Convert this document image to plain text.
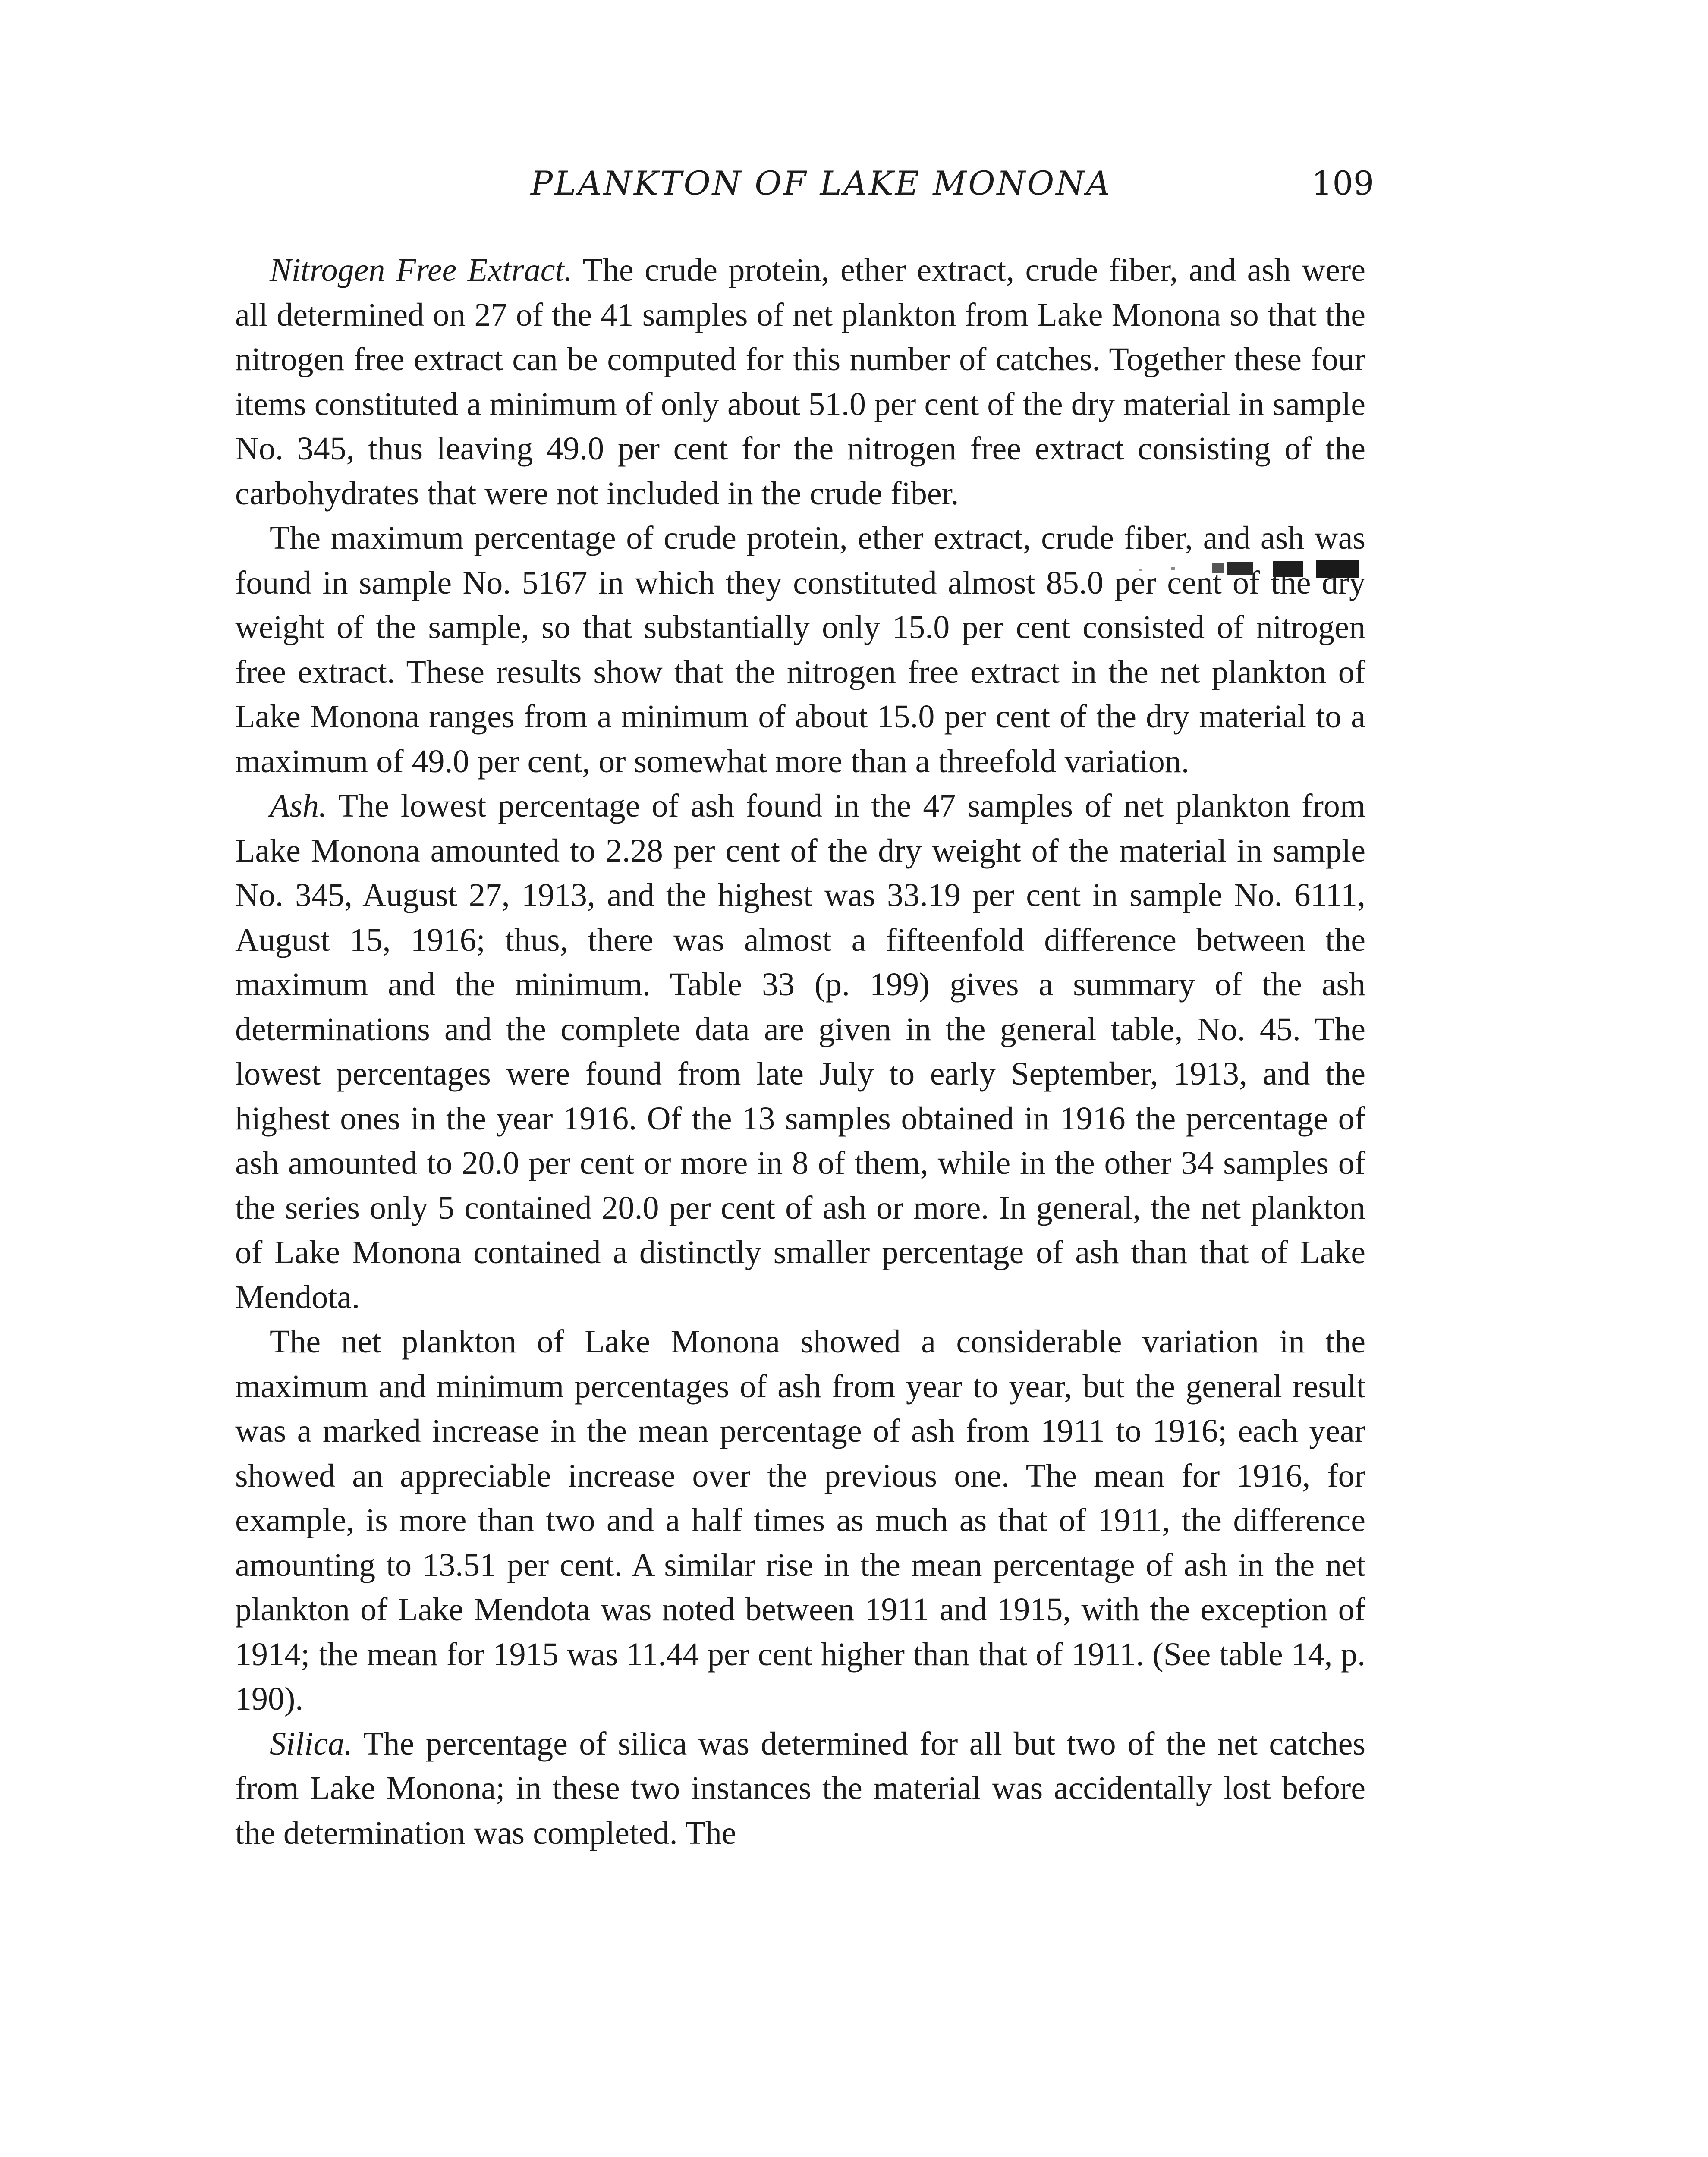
PLANKTON OF LAKE MONONA	109

Nitrogen Free Extract. The crude protein, ether extract, crude fiber, and ash were all determined on 27 of the 41 samples of net plankton from Lake Monona so that the nitrogen free extract can be computed for this number of catches. Together these four items constituted a minimum of only about 51.0 per cent of the dry material in sample No. 345, thus leaving 49.0 per cent for the nitrogen free extract consisting of the carbohydrates that were not included in the crude fiber.

The maximum percentage of crude protein, ether extract, crude fiber, and ash was found in sample No. 5167 in which they constituted almost 85.0 per cent of the dry weight of the sample, so that substantially only 15.0 per cent consisted of nitrogen free extract. These results show that the nitrogen free extract in the net plankton of Lake Monona ranges from a minimum of about 15.0 per cent of the dry material to a maximum of 49.0 per cent, or somewhat more than a threefold variation.

Ash. The lowest percentage of ash found in the 47 samples of net plankton from Lake Monona amounted to 2.28 per cent of the dry weight of the material in sample No. 345, August 27, 1913, and the highest was 33.19 per cent in sample No. 6111, August 15, 1916; thus, there was almost a fifteenfold difference between the maximum and the minimum. Table 33 (p. 199) gives a summary of the ash determinations and the complete data are given in the general table, No. 45. The lowest percentages were found from late July to early September, 1913, and the highest ones in the year 1916. Of the 13 samples obtained in 1916 the percentage of ash amounted to 20.0 per cent or more in 8 of them, while in the other 34 samples of the series only 5 contained 20.0 per cent of ash or more. In general, the net plankton of Lake Monona contained a distinctly smaller percentage of ash than that of Lake Mendota.

The net plankton of Lake Monona showed a considerable variation in the maximum and minimum percentages of ash from year to year, but the general result was a marked increase in the mean percentage of ash from 1911 to 1916; each year showed an appreciable increase over the previous one. The mean for 1916, for example, is more than two and a half times as much as that of 1911, the difference amounting to 13.51 per cent. A similar rise in the mean percentage of ash in the net plankton of Lake Mendota was noted between 1911 and 1915, with the exception of 1914; the mean for 1915 was 11.44 per cent higher than that of 1911. (See table 14, p. 190).

Silica. The percentage of silica was determined for all but two of the net catches from Lake Monona; in these two instances the material was accidentally lost before the determination was completed. The
